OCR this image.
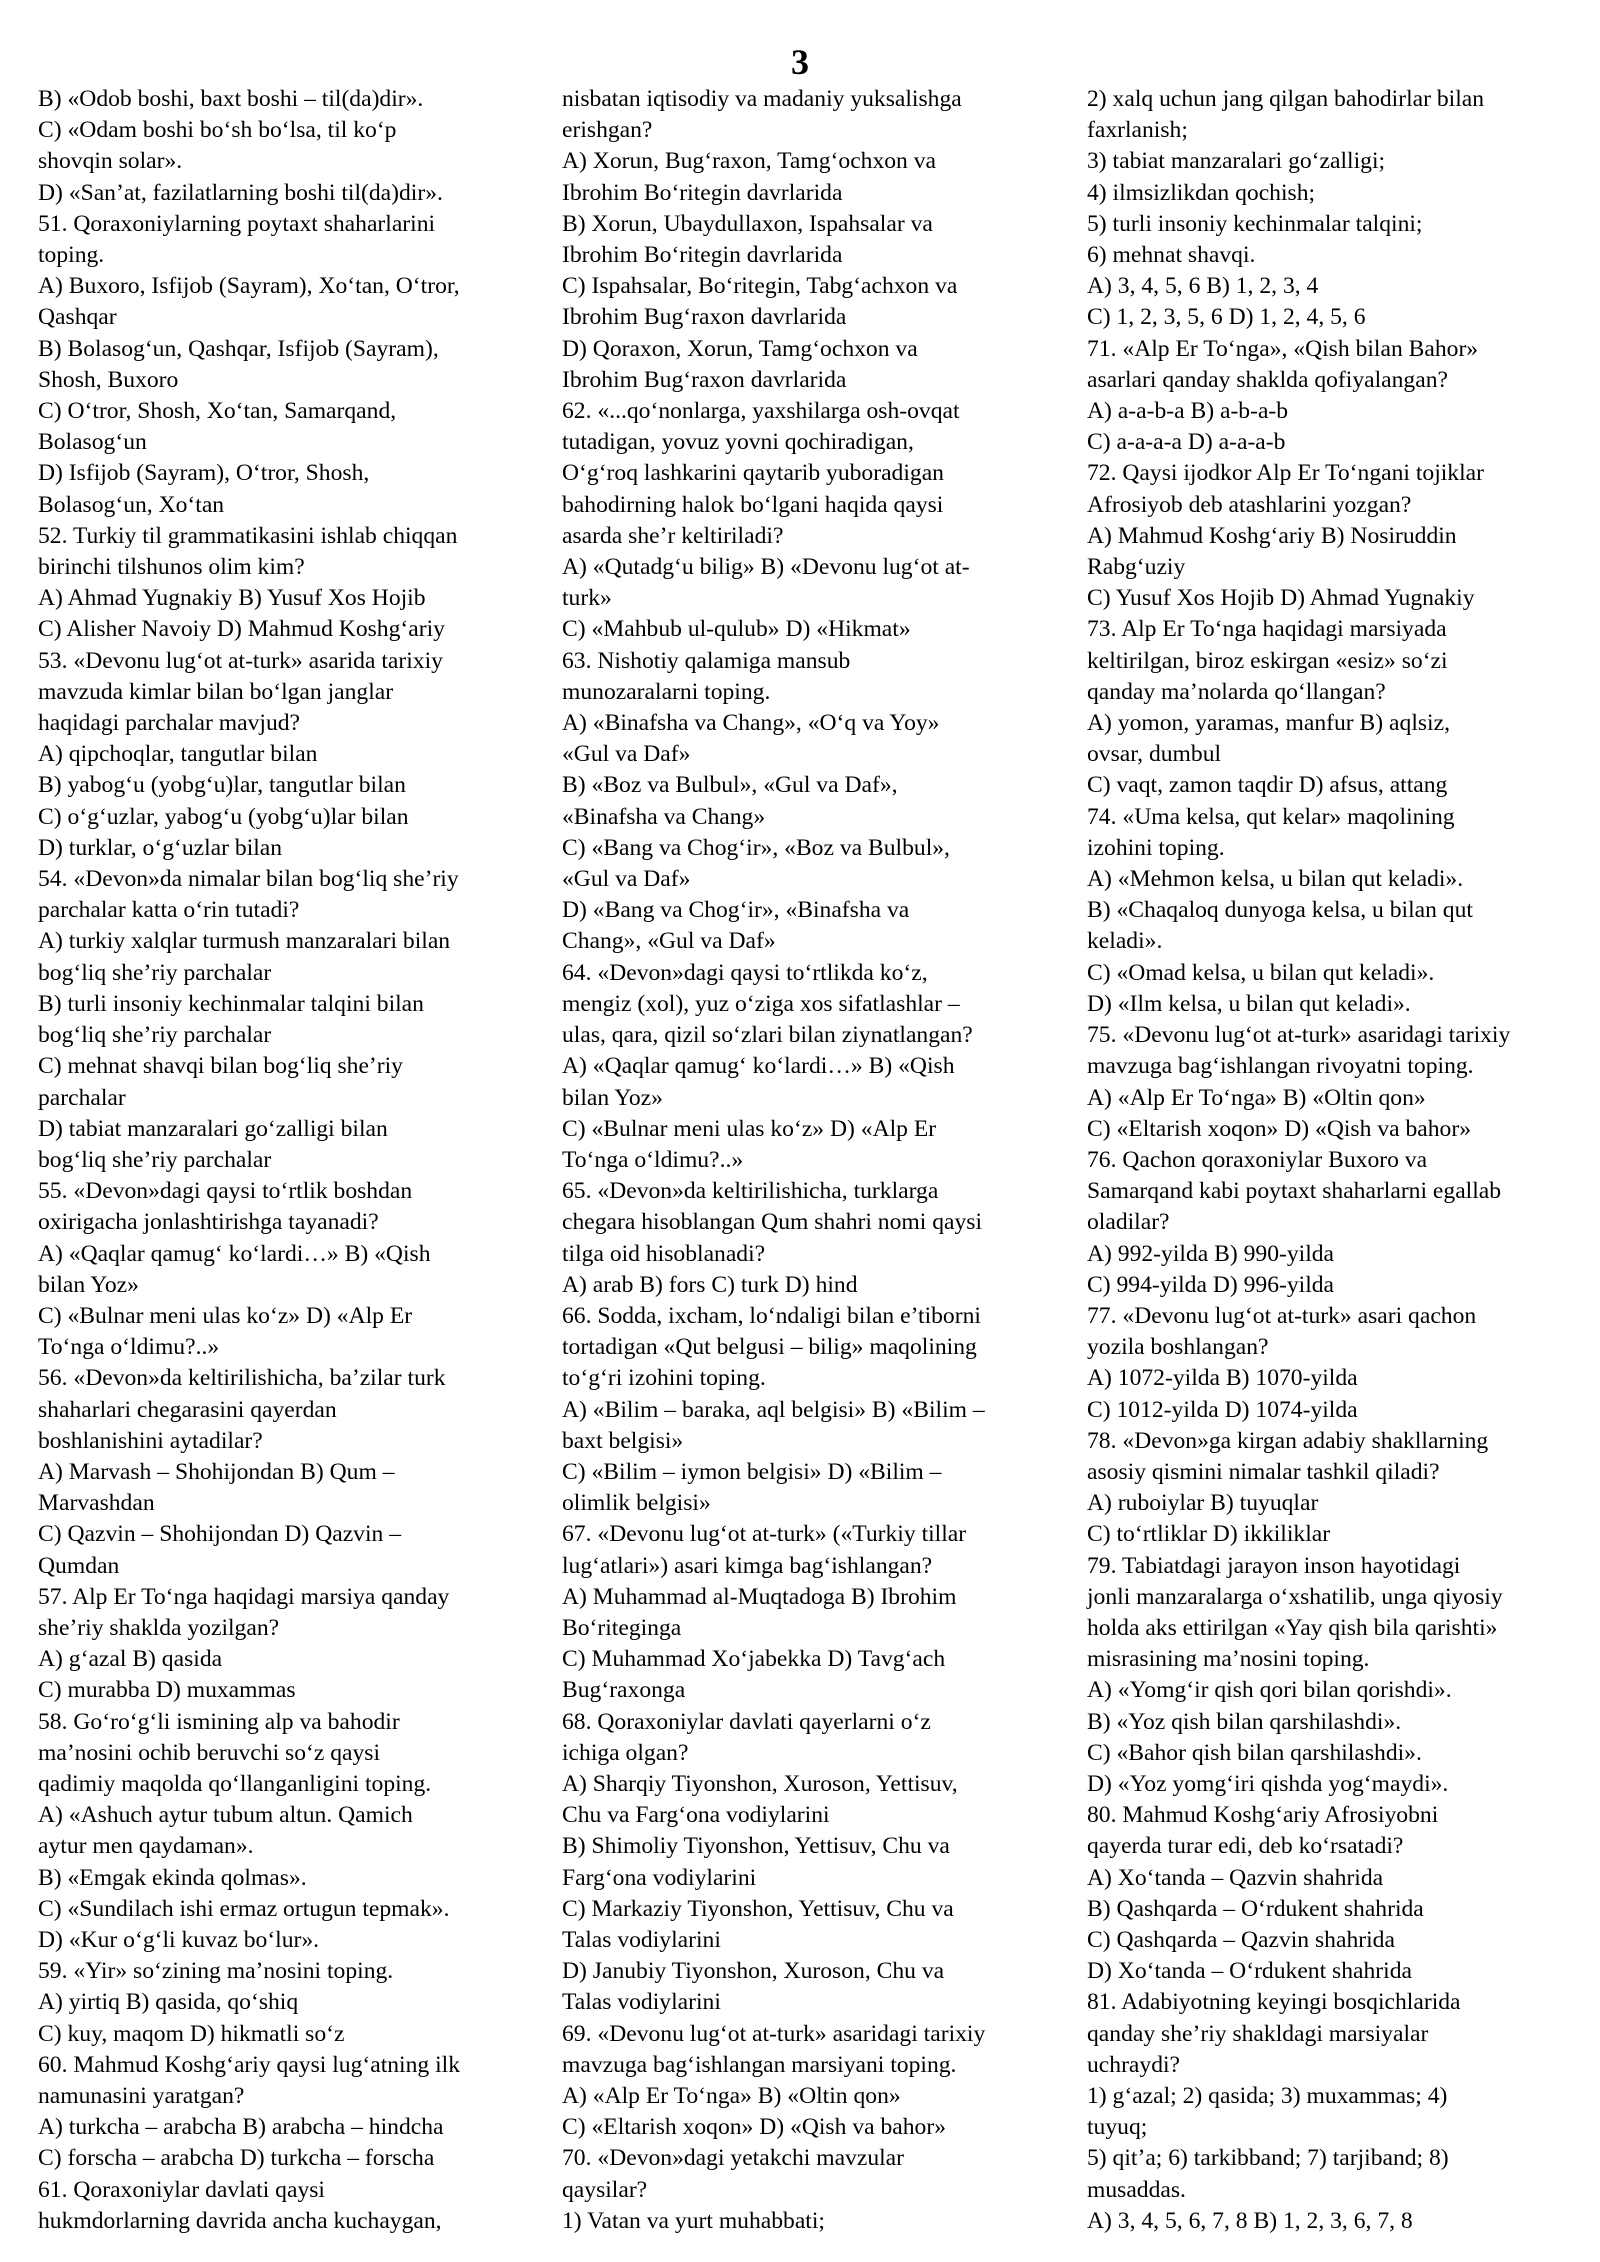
3
B) «Odob boshi, baxt boshi – til(da)dir».
C) «Odam boshi bo‘sh bo‘lsa, til ko‘p
shovqin solar».
D) «San’at, fazilatlarning boshi til(da)dir».
51. Qoraxoniylarning poytaxt shaharlarini
toping.
A) Buxoro, Isfijob (Sayram), Xo‘tan, O‘tror,
Qashqar
B) Bolasog‘un, Qashqar, Isfijob (Sayram),
Shosh, Buxoro
C) O‘tror, Shosh, Xo‘tan, Samarqand,
Bolasog‘un
D) Isfijob (Sayram), O‘tror, Shosh,
Bolasog‘un, Xo‘tan
52. Turkiy til grammatikasini ishlab chiqqan
birinchi tilshunos olim kim?
A) Ahmad Yugnakiy B) Yusuf Xos Hojib
C) Alisher Navoiy D) Mahmud Koshg‘ariy
53. «Devonu lug‘ot at-turk» asarida tarixiy
mavzuda kimlar bilan bo‘lgan janglar
haqidagi parchalar mavjud?
A) qipchoqlar, tangutlar bilan
B) yabog‘u (yobg‘u)lar, tangutlar bilan
C) o‘g‘uzlar, yabog‘u (yobg‘u)lar bilan
D) turklar, o‘g‘uzlar bilan
54. «Devon»da nimalar bilan bog‘liq she’riy
parchalar katta o‘rin tutadi?
A) turkiy xalqlar turmush manzaralari bilan
bog‘liq she’riy parchalar
B) turli insoniy kechinmalar talqini bilan
bog‘liq she’riy parchalar
C) mehnat shavqi bilan bog‘liq she’riy
parchalar
D) tabiat manzaralari go‘zalligi bilan
bog‘liq she’riy parchalar
55. «Devon»dagi qaysi to‘rtlik boshdan
oxirigacha jonlashtirishga tayanadi?
A) «Qaqlar qamug‘ ko‘lardi…» B) «Qish
bilan Yoz»
C) «Bulnar meni ulas ko‘z» D) «Alp Er
To‘nga o‘ldimu?..»
56. «Devon»da keltirilishicha, ba’zilar turk
shaharlari chegarasini qayerdan
boshlanishini aytadilar?
A) Marvash – Shohijondan B) Qum –
Marvashdan
C) Qazvin – Shohijondan D) Qazvin –
Qumdan
57. Alp Er To‘nga haqidagi marsiya qanday
she’riy shaklda yozilgan?
A) g‘azal B) qasida
C) murabba D) muxammas
58. Go‘ro‘g‘li ismining alp va bahodir
ma’nosini ochib beruvchi so‘z qaysi
qadimiy maqolda qo‘llanganligini toping.
A) «Ashuch aytur tubum altun. Qamich
aytur men qaydaman».
B) «Emgak ekinda qolmas».
C) «Sundilach ishi ermaz ortugun tepmak».
D) «Kur o‘g‘li kuvaz bo‘lur».
59. «Yir» so‘zining ma’nosini toping.
A) yirtiq B) qasida, qo‘shiq
C) kuy, maqom D) hikmatli so‘z
60. Mahmud Koshg‘ariy qaysi lug‘atning ilk
namunasini yaratgan?
A) turkcha – arabcha B) arabcha – hindcha
C) forscha – arabcha D) turkcha – forscha
61. Qoraxoniylar davlati qaysi
hukmdorlarning davrida ancha kuchaygan,
nisbatan iqtisodiy va madaniy yuksalishga
erishgan?
A) Xorun, Bug‘raxon, Tamg‘ochxon va
Ibrohim Bo‘ritegin davrlarida
B) Xorun, Ubaydullaxon, Ispahsalar va
Ibrohim Bo‘ritegin davrlarida
C) Ispahsalar, Bo‘ritegin, Tabg‘achxon va
Ibrohim Bug‘raxon davrlarida
D) Qoraxon, Xorun, Tamg‘ochxon va
Ibrohim Bug‘raxon davrlarida
62. «...qo‘nonlarga, yaxshilarga osh-ovqat
tutadigan, yovuz yovni qochiradigan,
O‘g‘roq lashkarini qaytarib yuboradigan
bahodirning halok bo‘lgani haqida qaysi
asarda she’r keltiriladi?
A) «Qutadg‘u bilig» B) «Devonu lug‘ot at-
turk»
C) «Mahbub ul-qulub» D) «Hikmat»
63. Nishotiy qalamiga mansub
munozaralarni toping.
A) «Binafsha va Chang», «O‘q va Yoy»
«Gul va Daf»
B) «Boz va Bulbul», «Gul va Daf»,
«Binafsha va Chang»
C) «Bang va Chog‘ir», «Boz va Bulbul»,
«Gul va Daf»
D) «Bang va Chog‘ir», «Binafsha va
Chang», «Gul va Daf»
64. «Devon»dagi qaysi to‘rtlikda ko‘z,
mengiz (xol), yuz o‘ziga xos sifatlashlar –
ulas, qara, qizil so‘zlari bilan ziynatlangan?
A) «Qaqlar qamug‘ ko‘lardi…» B) «Qish
bilan Yoz»
C) «Bulnar meni ulas ko‘z» D) «Alp Er
To‘nga o‘ldimu?..»
65. «Devon»da keltirilishicha, turklarga
chegara hisoblangan Qum shahri nomi qaysi
tilga oid hisoblanadi?
A) arab B) fors C) turk D) hind
66. Sodda, ixcham, lo‘ndaligi bilan e’tiborni
tortadigan «Qut belgusi – bilig» maqolining
to‘g‘ri izohini toping.
A) «Bilim – baraka, aql belgisi» B) «Bilim –
baxt belgisi»
C) «Bilim – iymon belgisi» D) «Bilim –
olimlik belgisi»
67. «Devonu lug‘ot at-turk» («Turkiy tillar
lug‘atlari») asari kimga bag‘ishlangan?
A) Muhammad al-Muqtadoga B) Ibrohim
Bo‘riteginga
C) Muhammad Xo‘jabekka D) Tavg‘ach
Bug‘raxonga
68. Qoraxoniylar davlati qayerlarni o‘z
ichiga olgan?
A) Sharqiy Tiyonshon, Xuroson, Yettisuv,
Chu va Farg‘ona vodiylarini
B) Shimoliy Tiyonshon, Yettisuv, Chu va
Farg‘ona vodiylarini
C) Markaziy Tiyonshon, Yettisuv, Chu va
Talas vodiylarini
D) Janubiy Tiyonshon, Xuroson, Chu va
Talas vodiylarini
69. «Devonu lug‘ot at-turk» asaridagi tarixiy
mavzuga bag‘ishlangan marsiyani toping.
A) «Alp Er To‘nga» B) «Oltin qon»
C) «Eltarish xoqon» D) «Qish va bahor»
70. «Devon»dagi yetakchi mavzular
qaysilar?
1) Vatan va yurt muhabbati;
2) xalq uchun jang qilgan bahodirlar bilan
faxrlanish;
3) tabiat manzaralari go‘zalligi;
4) ilmsizlikdan qochish;
5) turli insoniy kechinmalar talqini;
6) mehnat shavqi.
A) 3, 4, 5, 6 B) 1, 2, 3, 4
C) 1, 2, 3, 5, 6 D) 1, 2, 4, 5, 6
71. «Alp Er To‘nga», «Qish bilan Bahor»
asarlari qanday shaklda qofiyalangan?
A) a-a-b-a B) a-b-a-b
C) a-a-a-a D) a-a-a-b
72. Qaysi ijodkor Alp Er To‘ngani tojiklar
Afrosiyob deb atashlarini yozgan?
A) Mahmud Koshg‘ariy B) Nosiruddin
Rabg‘uziy
C) Yusuf Xos Hojib D) Ahmad Yugnakiy
73. Alp Er To‘nga haqidagi marsiyada
keltirilgan, biroz eskirgan «esiz» so‘zi
qanday ma’nolarda qo‘llangan?
A) yomon, yaramas, manfur B) aqlsiz,
ovsar, dumbul
C) vaqt, zamon taqdir D) afsus, attang
74. «Uma kelsa, qut kelar» maqolining
izohini toping.
A) «Mehmon kelsa, u bilan qut keladi».
B) «Chaqaloq dunyoga kelsa, u bilan qut
keladi».
C) «Omad kelsa, u bilan qut keladi».
D) «Ilm kelsa, u bilan qut keladi».
75. «Devonu lug‘ot at-turk» asaridagi tarixiy
mavzuga bag‘ishlangan rivoyatni toping.
A) «Alp Er To‘nga» B) «Oltin qon»
C) «Eltarish xoqon» D) «Qish va bahor»
76. Qachon qoraxoniylar Buxoro va
Samarqand kabi poytaxt shaharlarni egallab
oladilar?
A) 992-yilda B) 990-yilda
C) 994-yilda D) 996-yilda
77. «Devonu lug‘ot at-turk» asari qachon
yozila boshlangan?
A) 1072-yilda B) 1070-yilda
C) 1012-yilda D) 1074-yilda
78. «Devon»ga kirgan adabiy shakllarning
asosiy qismini nimalar tashkil qiladi?
A) ruboiylar B) tuyuqlar
C) to‘rtliklar D) ikkiliklar
79. Tabiatdagi jarayon inson hayotidagi
jonli manzaralarga o‘xshatilib, unga qiyosiy
holda aks ettirilgan «Yay qish bila qarishti»
misrasining ma’nosini toping.
A) «Yomg‘ir qish qori bilan qorishdi».
B) «Yoz qish bilan qarshilashdi».
C) «Bahor qish bilan qarshilashdi».
D) «Yoz yomg‘iri qishda yog‘maydi».
80. Mahmud Koshg‘ariy Afrosiyobni
qayerda turar edi, deb ko‘rsatadi?
A) Xo‘tanda – Qazvin shahrida
B) Qashqarda – O‘rdukent shahrida
C) Qashqarda – Qazvin shahrida
D) Xo‘tanda – O‘rdukent shahrida
81. Adabiyotning keyingi bosqichlarida
qanday she’riy shakldagi marsiyalar
uchraydi?
1) g‘azal; 2) qasida; 3) muxammas; 4)
tuyuq;
5) qit’a; 6) tarkibband; 7) tarjiband; 8)
musaddas.
A) 3, 4, 5, 6, 7, 8 B) 1, 2, 3, 6, 7, 8
